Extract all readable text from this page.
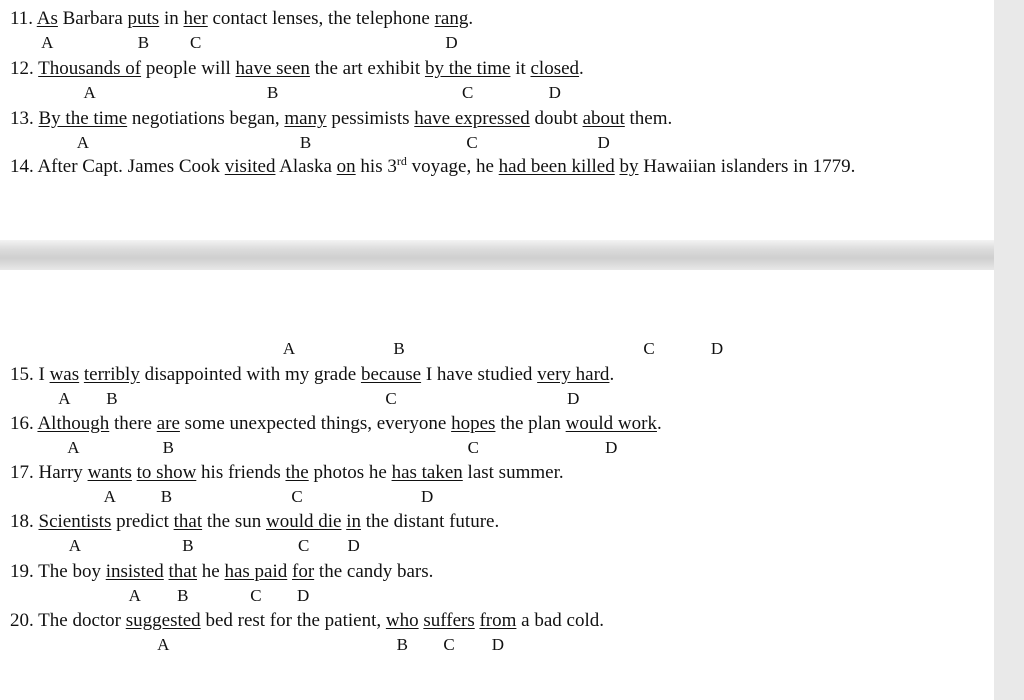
11. As Barbara puts in her contact lenses, the telephone rang.
A	B C	D
12. Thousands of people will have seen the art exhibit by the time it closed.
A	B	C	D
13. By the time negotiations began, many pessimists have expressed doubt about them.
A	B	C	D
14. After Capt. James Cook visited Alaska on his 3rd voyage, he had been killed by Hawaiian islanders in 1779.
15. I was terribly disappointed with my grade because I have studied very hard.
A B	C	D
A	B	C	D
16. Although there are some unexpected things, everyone hopes the plan would work.
A	B	C	D
17. Harry wants to show his friends the photos he has taken last summer.
A	B	C	D
18. Scientists predict that the sun would die in the distant future.
A	B	C D
19. The boy insisted that he has paid for the candy bars.
A B	C D
20. The doctor suggested bed rest for the patient, who suffers from a bad cold.
A	B C D
